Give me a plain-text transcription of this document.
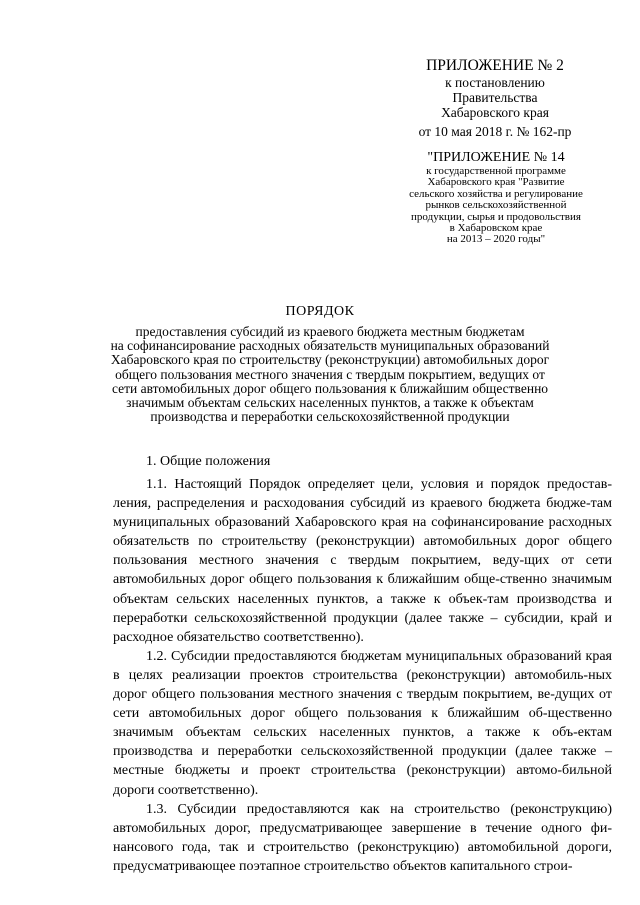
ПРИЛОЖЕНИЕ № 2
к постановлению
Правительства
Хабаровского края
от 10 мая 2018 г. № 162-пр
"ПРИЛОЖЕНИЕ № 14
к государственной программе
Хабаровского края "Развитие
сельского хозяйства и регулирование
рынков сельскохозяйственной
продукции, сырья и продовольствия
в Хабаровском крае
на 2013 – 2020 годы"
ПОРЯДОК
предоставления субсидий из краевого бюджета местным бюджетам
на софинансирование расходных обязательств муниципальных образований
Хабаровского края по строительству (реконструкции) автомобильных дорог
общего пользования местного значения с твердым покрытием, ведущих от
сети автомобильных дорог общего пользования к ближайшим общественно
значимым объектам сельских населенных пунктов, а также к объектам
производства и переработки сельскохозяйственной продукции
1. Общие положения

1.1. Настоящий Порядок определяет цели, условия и порядок предостав-ления, распределения и расходования субсидий из краевого бюджета бюдже-там муниципальных образований Хабаровского края на софинансирование расходных обязательств по строительству (реконструкции) автомобильных дорог общего пользования местного значения с твердым покрытием, веду-щих от сети автомобильных дорог общего пользования к ближайшим обще-ственно значимым объектам сельских населенных пунктов, а также к объек-там производства и переработки сельскохозяйственной продукции (далее также – субсидии, край и расходное обязательство соответственно).

1.2. Субсидии предоставляются бюджетам муниципальных образований края в целях реализации проектов строительства (реконструкции) автомобиль-ных дорог общего пользования местного значения с твердым покрытием, ве-дущих от сети автомобильных дорог общего пользования к ближайшим об-щественно значимым объектам сельских населенных пунктов, а также к объ-ектам производства и переработки сельскохозяйственной продукции (далее также – местные бюджеты и проект строительства (реконструкции) автомо-бильной дороги соответственно).

1.3. Субсидии предоставляются как на строительство (реконструкцию) автомобильных дорог, предусматривающее завершение в течение одного фи-нансового года, так и строительство (реконструкцию) автомобильной дороги, предусматривающее поэтапное строительство объектов капитального строи-
